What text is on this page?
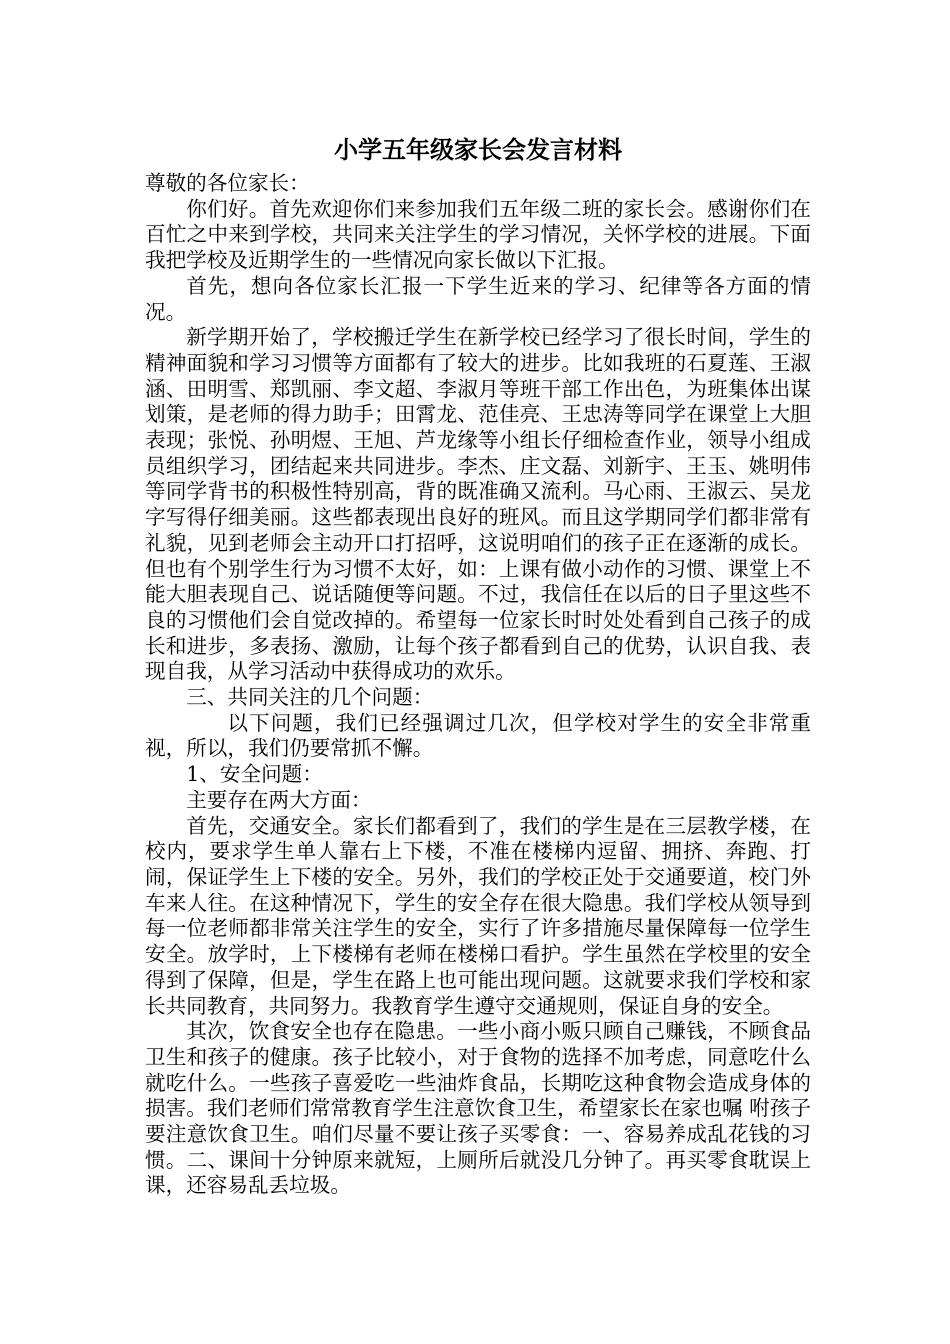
小学五年级家长会发言材料

尊敬的各位家长：

你们好。首先欢迎你们来参加我们五年级二班的家长会。感谢你们在百忙之中来到学校，共同来关注学生的学习情况，关怀学校的进展。下面我把学校及近期学生的一些情况向家长做以下汇报。

首先，想向各位家长汇报一下学生近来的学习、纪律等各方面的情况。

新学期开始了，学校搬迁学生在新学校已经学习了很长时间，学生的精神面貌和学习习惯等方面都有了较大的进步。比如我班的石夏莲、王淑涵、田明雪、郑凯丽、李文超、李淑月等班干部工作出色，为班集体出谋划策，是老师的得力助手；田霄龙、范佳亮、王忠涛等同学在课堂上大胆表现；张悦、孙明煜、王旭、芦龙缘等小组长仔细检查作业，领导小组成员组织学习，团结起来共同进步。李杰、庄文磊、刘新宇、王玉、姚明伟等同学背书的积极性特别高，背的既准确又流利。马心雨、王淑云、吴龙字写得仔细美丽。这些都表现出良好的班风。而且这学期同学们都非常有礼貌，见到老师会主动开口打招呼，这说明咱们的孩子正在逐渐的成长。但也有个别学生行为习惯不太好，如：上课有做小动作的习惯、课堂上不能大胆表现自己、说话随便等问题。不过，我信任在以后的日子里这些不良的习惯他们会自觉改掉的。希望每一位家长时时处处看到自己孩子的成长和进步，多表扬、激励，让每个孩子都看到自己的优势，认识自我、表现自我，从学习活动中获得成功的欢乐。

三、共同关注的几个问题：

以下问题，我们已经强调过几次，但学校对学生的安全非常重视，所以，我们仍要常抓不懈。

1、安全问题：

主要存在两大方面：

首先，交通安全。家长们都看到了，我们的学生是在三层教学楼，在校内，要求学生单人靠右上下楼，不准在楼梯内逗留、拥挤、奔跑、打闹，保证学生上下楼的安全。另外，我们的学校正处于交通要道，校门外车来人往。在这种情况下，学生的安全存在很大隐患。我们学校从领导到每一位老师都非常关注学生的安全，实行了许多措施尽量保障每一位学生安全。放学时，上下楼梯有老师在楼梯口看护。学生虽然在学校里的安全得到了保障，但是，学生在路上也可能出现问题。这就要求我们学校和家长共同教育，共同努力。我教育学生遵守交通规则，保证自身的安全。

其次，饮食安全也存在隐患。一些小商小贩只顾自己赚钱，不顾食品卫生和孩子的健康。孩子比较小，对于食物的选择不加考虑，同意吃什么就吃什么。一些孩子喜爱吃一些油炸食品，长期吃这种食物会造成身体的损害。我们老师们常常教育学生注意饮食卫生，希望家长在家也嘱 咐孩子要注意饮食卫生。咱们尽量不要让孩子买零食：一、容易养成乱花钱的习惯。二、课间十分钟原来就短，上厕所后就没几分钟了。再买零食耽误上课，还容易乱丢垃圾。
